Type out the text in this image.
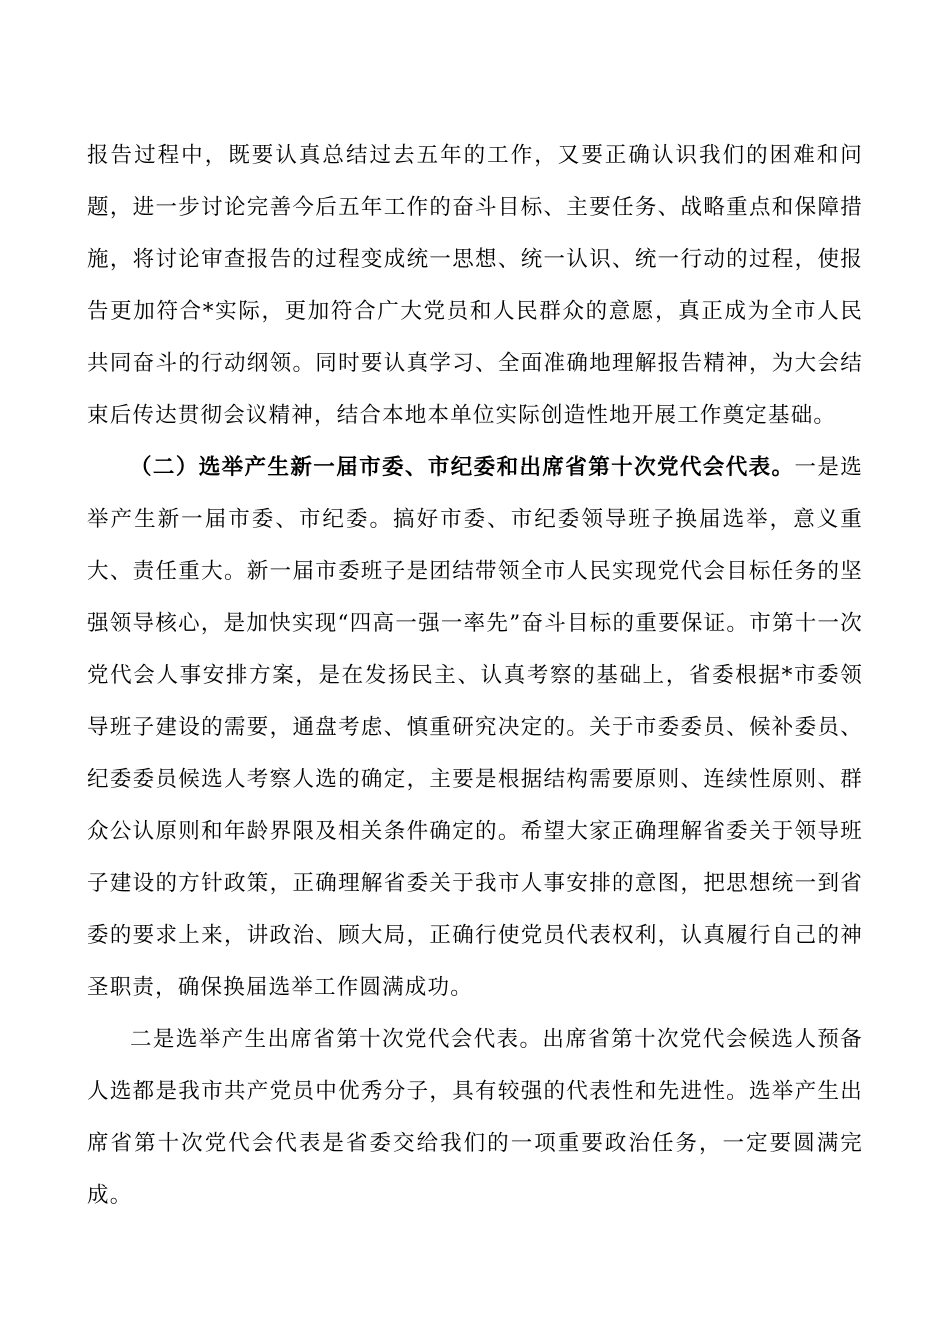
报告过程中，既要认真总结过去五年的工作，又要正确认识我们的困难和问题，进一步讨论完善今后五年工作的奋斗目标、主要任务、战略重点和保障措施，将讨论审查报告的过程变成统一思想、统一认识、统一行动的过程，使报告更加符合*实际，更加符合广大党员和人民群众的意愿，真正成为全市人民共同奋斗的行动纲领。同时要认真学习、全面准确地理解报告精神，为大会结束后传达贯彻会议精神，结合本地本单位实际创造性地开展工作奠定基础。

（二）选举产生新一届市委、市纪委和出席省第十次党代会代表。一是选举产生新一届市委、市纪委。搞好市委、市纪委领导班子换届选举，意义重大、责任重大。新一届市委班子是团结带领全市人民实现党代会目标任务的坚强领导核心，是加快实现“四高一强一率先”奋斗目标的重要保证。市第十一次党代会人事安排方案，是在发扬民主、认真考察的基础上，省委根据*市委领导班子建设的需要，通盘考虑、慎重研究决定的。关于市委委员、候补委员、纪委委员候选人考察人选的确定，主要是根据结构需要原则、连续性原则、群众公认原则和年龄界限及相关条件确定的。希望大家正确理解省委关于领导班子建设的方针政策，正确理解省委关于我市人事安排的意图，把思想统一到省委的要求上来，讲政治、顾大局，正确行使党员代表权利，认真履行自己的神圣职责，确保换届选举工作圆满成功。

二是选举产生出席省第十次党代会代表。出席省第十次党代会候选人预备人选都是我市共产党员中优秀分子，具有较强的代表性和先进性。选举产生出席省第十次党代会代表是省委交给我们的一项重要政治任务，一定要圆满完成。
